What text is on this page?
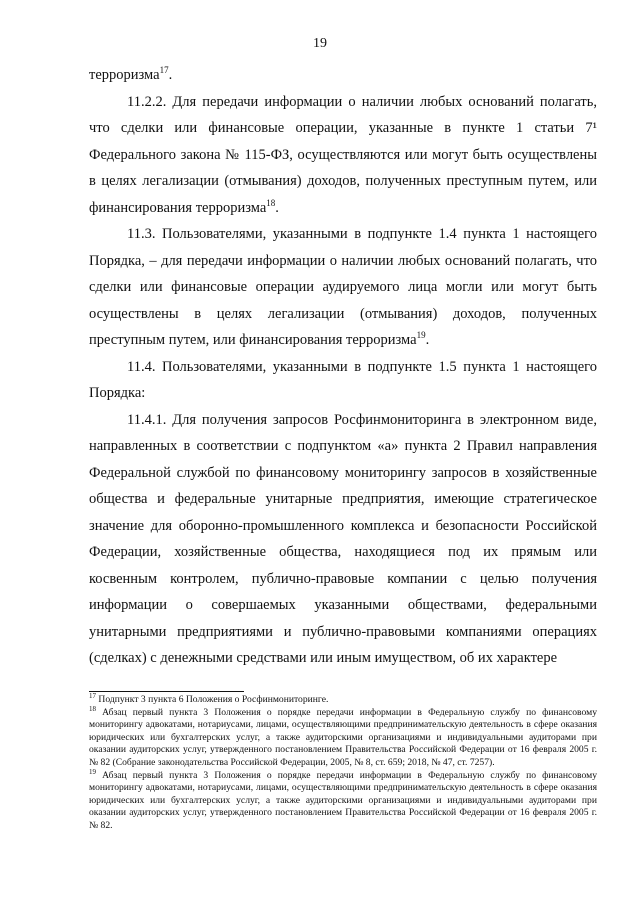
19

терроризма$^{17}$.

11.2.2. Для передачи информации о наличии любых оснований полагать, что сделки или финансовые операции, указанные в пункте 1 статьи 7¹ Федерального закона № 115-ФЗ, осуществляются или могут быть осуществлены в целях легализации (отмывания) доходов, полученных преступным путем, или финансирования терроризма$^{18}$.

11.3. Пользователями, указанными в подпункте 1.4 пункта 1 настоящего Порядка, – для передачи информации о наличии любых оснований полагать, что сделки или финансовые операции аудируемого лица могли или могут быть осуществлены в целях легализации (отмывания) доходов, полученных преступным путем, или финансирования терроризма$^{19}$.

11.4. Пользователями, указанными в подпункте 1.5 пункта 1 настоящего Порядка:

11.4.1. Для получения запросов Росфинмониторинга в электронном виде, направленных в соответствии с подпунктом «а» пункта 2 Правил направления Федеральной службой по финансовому мониторингу запросов в хозяйственные общества и федеральные унитарные предприятия, имеющие стратегическое значение для оборонно-промышленного комплекса и безопасности Российской Федерации, хозяйственные общества, находящиеся под их прямым или косвенным контролем, публично-правовые компании с целью получения информации о совершаемых указанными обществами, федеральными унитарными предприятиями и публично-правовыми компаниями операциях (сделках) с денежными средствами или иным имуществом, об их характере

$^{17}$ Подпункт 3 пункта 6 Положения о Росфинмониторинге.

$^{18}$ Абзац первый пункта 3 Положения о порядке передачи информации в Федеральную службу по финансовому мониторингу адвокатами, нотариусами, лицами, осуществляющими предпринимательскую деятельность в сфере оказания юридических или бухгалтерских услуг, а также аудиторскими организациями и индивидуальными аудиторами при оказании аудиторских услуг, утвержденного постановлением Правительства Российской Федерации от 16 февраля 2005 г. № 82 (Собрание законодательства Российской Федерации, 2005, № 8, ст. 659; 2018, № 47, ст. 7257).

$^{19}$ Абзац первый пункта 3 Положения о порядке передачи информации в Федеральную службу по финансовому мониторингу адвокатами, нотариусами, лицами, осуществляющими предпринимательскую деятельность в сфере оказания юридических или бухгалтерских услуг, а также аудиторскими организациями и индивидуальными аудиторами при оказании аудиторских услуг, утвержденного постановлением Правительства Российской Федерации от 16 февраля 2005 г. № 82.
